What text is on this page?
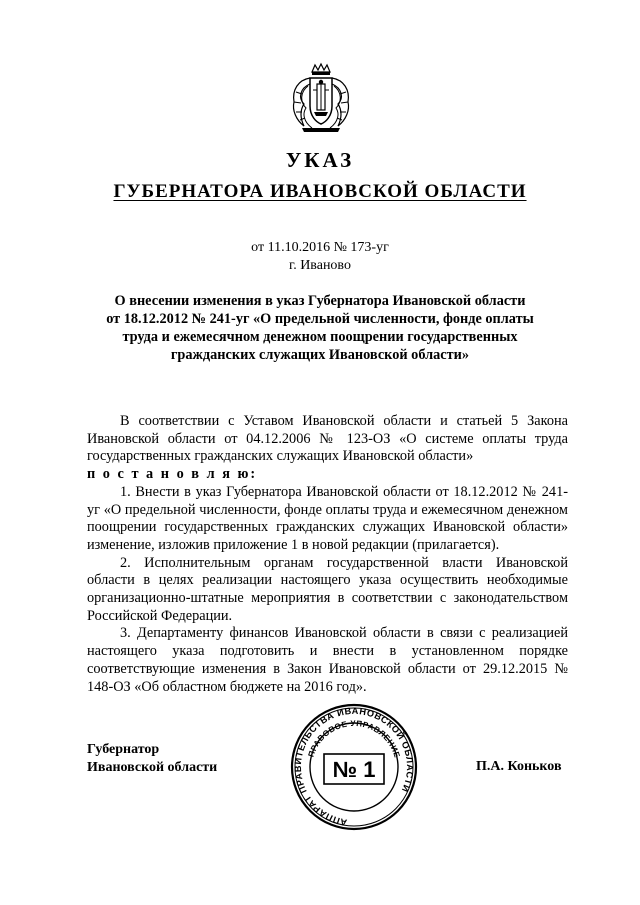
УКАЗ
ГУБЕРНАТОРА ИВАНОВСКОЙ ОБЛАСТИ
от 11.10.2016 № 173-уг
г. Иваново
О внесении изменения в указ Губернатора Ивановской области
от 18.12.2012 № 241-уг «О предельной численности, фонде оплаты
труда и ежемесячном денежном поощрении государственных
гражданских служащих Ивановской области»

В соответствии с Уставом Ивановской области и статьей 5 Закона Ивановской области от 04.12.2006 № 123-ОЗ «О системе оплаты труда государственных гражданских служащих Ивановской области»

п о с т а н о в л я ю:

1. Внести в указ Губернатора Ивановской области от 18.12.2012 № 241-уг «О предельной численности, фонде оплаты труда и ежемесячном денежном поощрении государственных гражданских служащих Ивановской области» изменение, изложив приложение 1 в новой редакции (прилагается).

2. Исполнительным органам государственной власти Ивановской области в целях реализации настоящего указа осуществить необходимые организационно-штатные мероприятия в соответствии с законодательством Российской Федерации.

3. Департаменту финансов Ивановской области в связи с реализацией настоящего указа подготовить и внести в установленном порядке соответствующие изменения в Закон Ивановской области от 29.12.2015 № 148-ОЗ «Об областном бюджете на 2016 год».

Губернатор
Ивановской области	П.А. Коньков
АППАРАТ ПРАВИТЕЛЬСТВА ИВАНОВСКОЙ ОБЛАСТИ
ПРАВОВОЕ УПРАВЛЕНИЕ
№ 1
